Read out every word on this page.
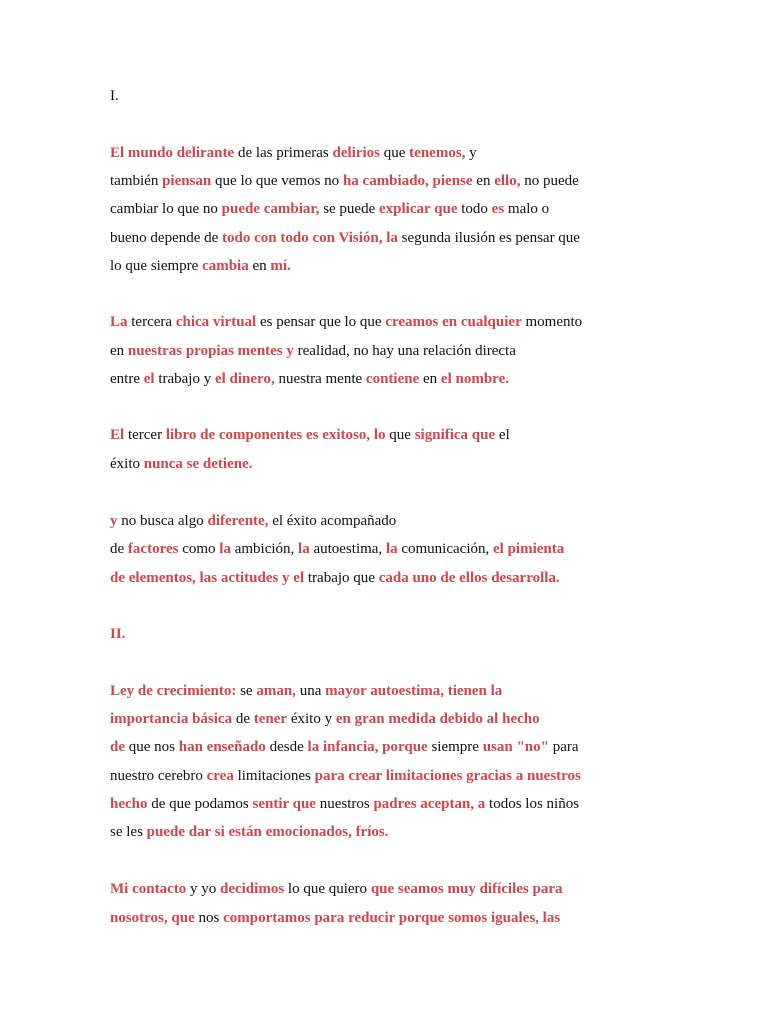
I.
El mundo delirante de las primeras delirios que tenemos, y
también piensan que lo que vemos no ha cambiado, piense en ello, no puede
cambiar lo que no puede cambiar, se puede explicar que todo es malo o
bueno depende de todo con todo con Visión, la segunda ilusión es pensar que
lo que siempre cambia en mí.
La tercera chica virtual es pensar que lo que creamos en cualquier momento
en nuestras propias mentes y realidad, no hay una relación directa
entre el trabajo y el dinero, nuestra mente contiene en el nombre.
El tercer libro de componentes es exitoso, lo que significa que el
éxito nunca se detiene.
y no busca algo diferente, el éxito acompañado
de factores como la ambición, la autoestima, la comunicación, el pimienta
de elementos, las actitudes y el trabajo que cada uno de ellos desarrolla.
II.
Ley de crecimiento: se aman, una mayor autoestima, tienen la
importancia básica de tener éxito y en gran medida debido al hecho
de que nos han enseñado desde la infancia, porque siempre usan "no" para
nuestro cerebro crea limitaciones para crear limitaciones gracias a nuestros
hecho de que podamos sentir que nuestros padres aceptan, a todos los niños
se les puede dar si están emocionados, fríos.
Mi contacto y yo decidimos lo que quiero que seamos muy difíciles para
nosotros, que nos comportamos para reducir porque somos iguales, las
